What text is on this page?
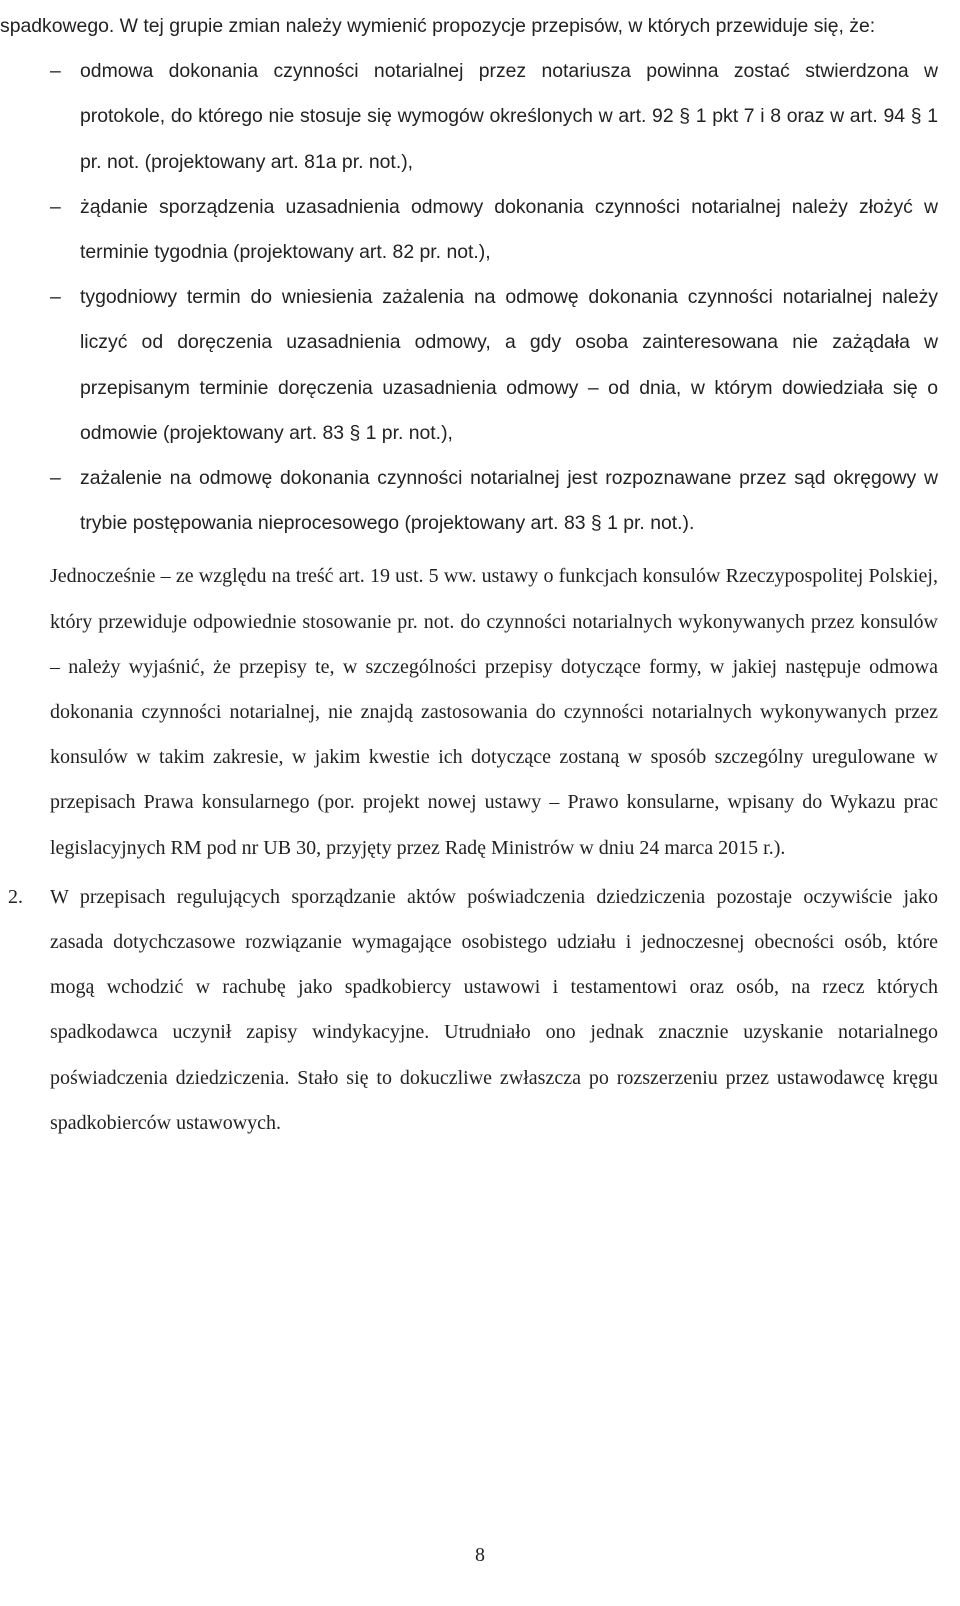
spadkowego. W tej grupie zmian należy wymienić propozycje przepisów, w których przewiduje się, że:

– odmowa dokonania czynności notarialnej przez notariusza powinna zostać stwierdzona w protokole, do którego nie stosuje się wymogów określonych w art. 92 § 1 pkt 7 i 8 oraz w art. 94 § 1 pr. not. (projektowany art. 81a pr. not.),
– żądanie sporządzenia uzasadnienia odmowy dokonania czynności notarialnej należy złożyć w terminie tygodnia (projektowany art. 82 pr. not.),
– tygodniowy termin do wniesienia zażalenia na odmowę dokonania czynności notarialnej należy liczyć od doręczenia uzasadnienia odmowy, a gdy osoba zainteresowana nie zażądała w przepisanym terminie doręczenia uzasadnienia odmowy – od dnia, w którym dowiedziała się o odmowie (projektowany art. 83 § 1 pr. not.),
– zażalenie na odmowę dokonania czynności notarialnej jest rozpoznawane przez sąd okręgowy w trybie postępowania nieprocesowego (projektowany art. 83 § 1 pr. not.).

Jednocześnie – ze względu na treść art. 19 ust. 5 ww. ustawy o funkcjach konsulów Rzeczypospolitej Polskiej, który przewiduje odpowiednie stosowanie pr. not. do czynności notarialnych wykonywanych przez konsulów – należy wyjaśnić, że przepisy te, w szczególności przepisy dotyczące formy, w jakiej następuje odmowa dokonania czynności notarialnej, nie znajdą zastosowania do czynności notarialnych wykonywanych przez konsulów w takim zakresie, w jakim kwestie ich dotyczące zostaną w sposób szczególny uregulowane w przepisach Prawa konsularnego (por. projekt nowej ustawy – Prawo konsularne, wpisany do Wykazu prac legislacyjnych RM pod nr UB 30, przyjęty przez Radę Ministrów w dniu 24 marca 2015 r.).

2. W przepisach regulujących sporządzanie aktów poświadczenia dziedziczenia pozostaje oczywiście jako zasada dotychczasowe rozwiązanie wymagające osobistego udziału i jednoczesnej obecności osób, które mogą wchodzić w rachubę jako spadkobiercy ustawowi i testamentowi oraz osób, na rzecz których spadkodawca uczynił zapisy windykacyjne. Utrudniało ono jednak znacznie uzyskanie notarialnego poświadczenia dziedziczenia. Stało się to dokuczliwe zwłaszcza po rozszerzeniu przez ustawodawcę kręgu spadkobierców ustawowych.

8
